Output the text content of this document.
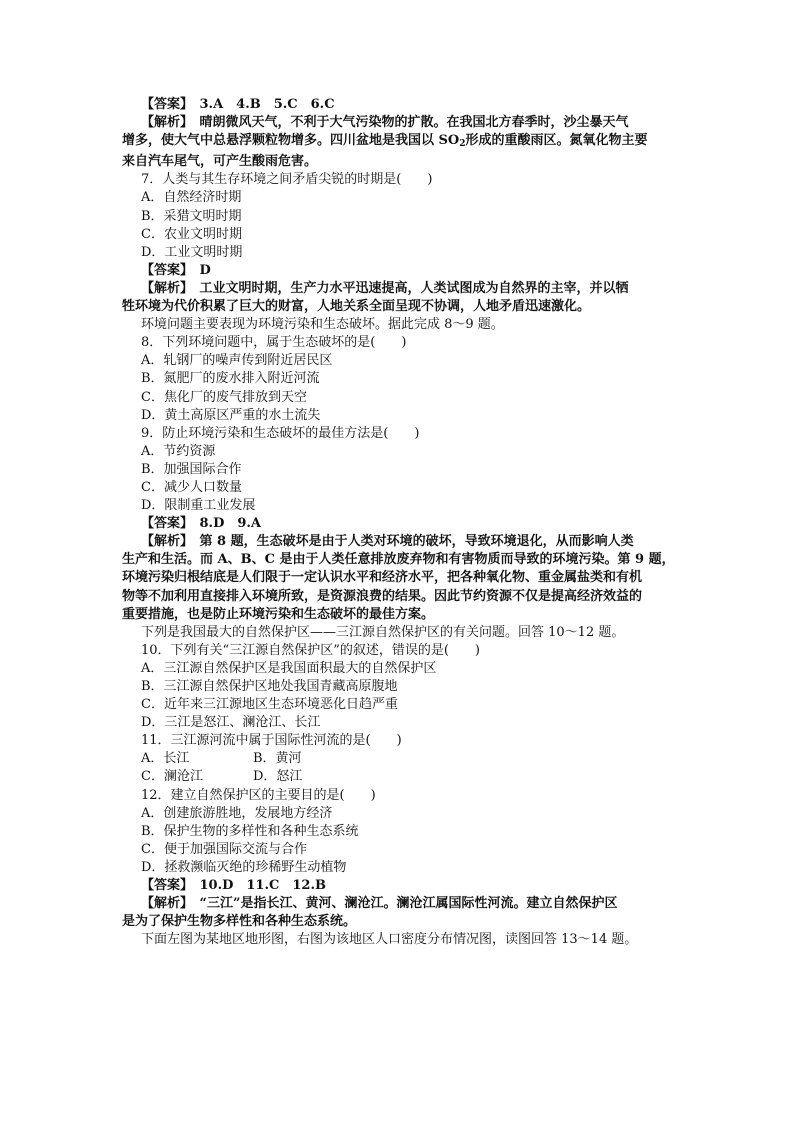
【答案】　3.A　4.B　5.C　6.C
【解析】　晴朗微风天气，不利于大气污染物的扩散。在我国北方春季时，沙尘暴天气
增多，使大气中总悬浮颗粒物增多。四川盆地是我国以 $SO_2$形成的重酸雨区。氮氧化物主要
来自汽车尾气，可产生酸雨危害。
7．人类与其生存环境之间矛盾尖锐的时期是(　　)
A．自然经济时期
B．采猎文明时期
C．农业文明时期
D．工业文明时期
【答案】　D
【解析】　工业文明时期，生产力水平迅速提高，人类试图成为自然界的主宰，并以牺
牲环境为代价积累了巨大的财富，人地关系全面呈现不协调，人地矛盾迅速激化。
环境问题主要表现为环境污染和生态破坏。据此完成 8～9 题。
8．下列环境问题中，属于生态破坏的是(　　)
A．轧钢厂的噪声传到附近居民区
B．氮肥厂的废水排入附近河流
C．焦化厂的废气排放到天空
D．黄土高原区严重的水土流失
9．防止环境污染和生态破坏的最佳方法是(　　)
A．节约资源
B．加强国际合作
C．减少人口数量
D．限制重工业发展
【答案】　8.D　9.A
【解析】　第 8 题，生态破坏是由于人类对环境的破坏，导致环境退化，从而影响人类
生产和生活。而 A、B、C 是由于人类任意排放废弃物和有害物质而导致的环境污染。第 9 题，
环境污染归根结底是人们限于一定认识水平和经济水平，把各种氧化物、重金属盐类和有机
物等不加利用直接排入环境所致，是资源浪费的结果。因此节约资源不仅是提高经济效益的
重要措施，也是防止环境污染和生态破坏的最佳方案。
下列是我国最大的自然保护区——三江源自然保护区的有关问题。回答 10～12 题。
10．下列有关“三江源自然保护区”的叙述，错误的是(　　)
A．三江源自然保护区是我国面积最大的自然保护区
B．三江源自然保护区地处我国青藏高原腹地
C．近年来三江源地区生态环境恶化日趋严重
D．三江是怒江、澜沧江、长江
11．三江源河流中属于国际性河流的是(　　)
A．长江	B．黄河
C．澜沧江	D．怒江
12．建立自然保护区的主要目的是(　　)
A．创建旅游胜地，发展地方经济
B．保护生物的多样性和各种生态系统
C．便于加强国际交流与合作
D．拯救濒临灭绝的珍稀野生动植物
【答案】　10.D　11.C　12.B
【解析】　“三江”是指长江、黄河、澜沧江。澜沧江属国际性河流。建立自然保护区
是为了保护生物多样性和各种生态系统。
下面左图为某地区地形图，右图为该地区人口密度分布情况图，读图回答 13～14 题。
